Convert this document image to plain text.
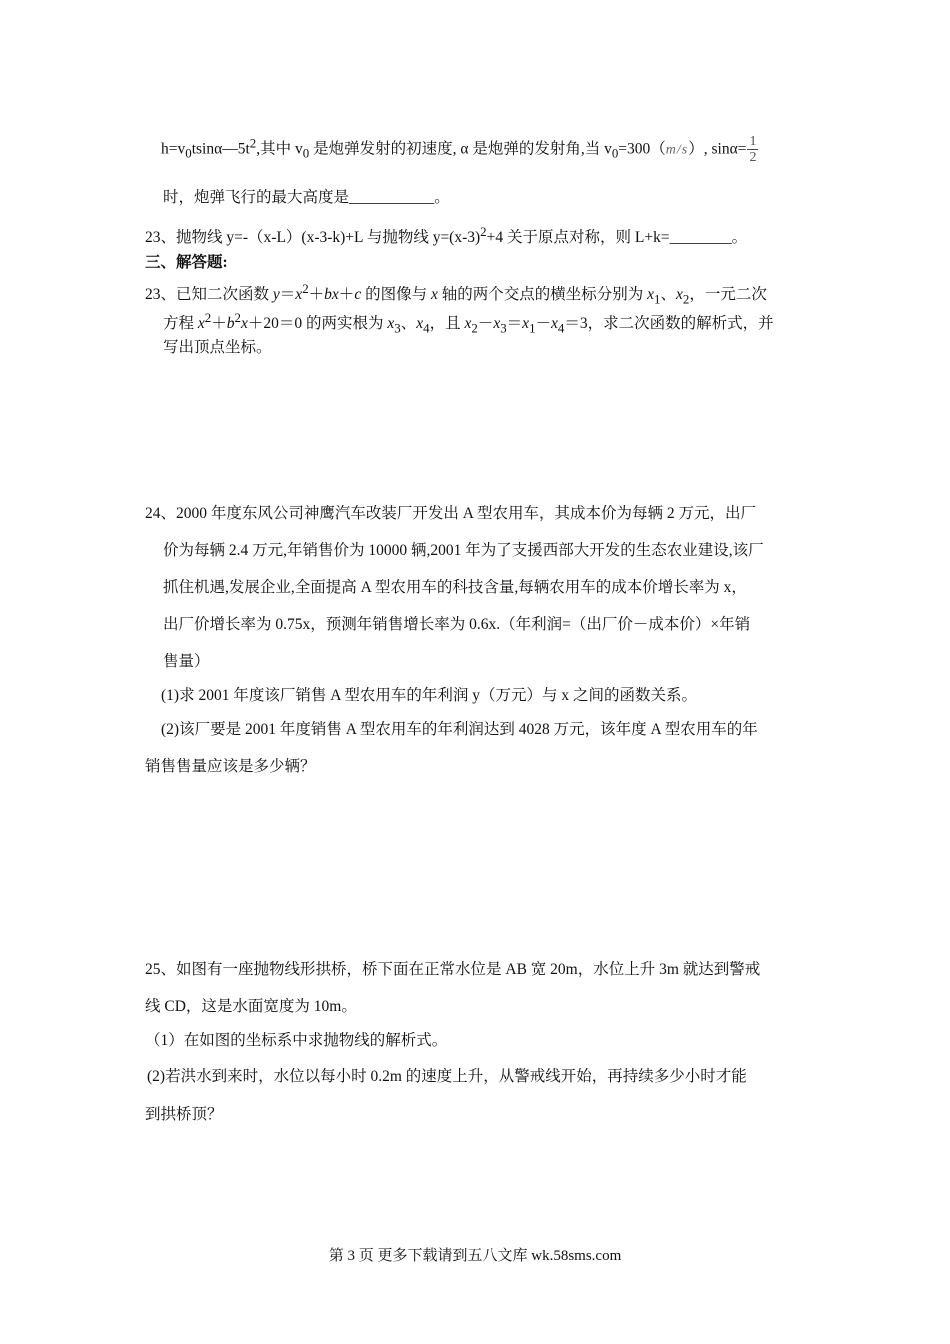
$h=v_0tsin\alpha—5t^2$,其中 $v_0$ 是炮弹发射的初速度, α 是炮弹的发射角,当 $v_0=300(m/s)$, $\sin\alpha= \frac{1}{2}$
时，炮弹飞行的最大高度是___________。
23、抛物线 y=-（x-L）(x-3-k)+L 与抛物线 $y=(x-3)^2+4$ 关于原点对称，则 L+k=________。
三、解答题:
23、已知二次函数 $y=x^2+bx+c$ 的图像与 x 轴的两个交点的横坐标分别为 $x_1$、$x_2$，一元二次
方程 $x^2+b^2x+20=0$ 的两实根为 $x_3$、$x_4$，且 $x_2-x_3=x_1-x_4=3$，求二次函数的解析式，并
写出顶点坐标。
24、2000 年度东风公司神鹰汽车改装厂开发出 A 型农用车，其成本价为每辆 2 万元，出厂
价为每辆 2.4 万元,年销售价为 10000 辆,2001 年为了支援西部大开发的生态农业建设,该厂
抓住机遇,发展企业,全面提高 A 型农用车的科技含量,每辆农用车的成本价增长率为 x，
出厂价增长率为 0.75x，预测年销售增长率为 0.6x.（年利润=（出厂价－成本价）×年销
售量）
(1)求 2001 年度该厂销售 A 型农用车的年利润 y（万元）与 x 之间的函数关系。
(2)该厂要是 2001 年度销售 A 型农用车的年利润达到 4028 万元，该年度 A 型农用车的年
销售售量应该是多少辆？
25、如图有一座抛物线形拱桥，桥下面在正常水位是 AB 宽 20m，水位上升 3m 就达到警戒
线 CD，这是水面宽度为 10m。
（1）在如图的坐标系中求抛物线的解析式。
(2)若洪水到来时，水位以每小时 0.2m 的速度上升，从警戒线开始，再持续多少小时才能
到拱桥顶？
第 3 页 更多下载请到五八文库 wk.58sms.com
